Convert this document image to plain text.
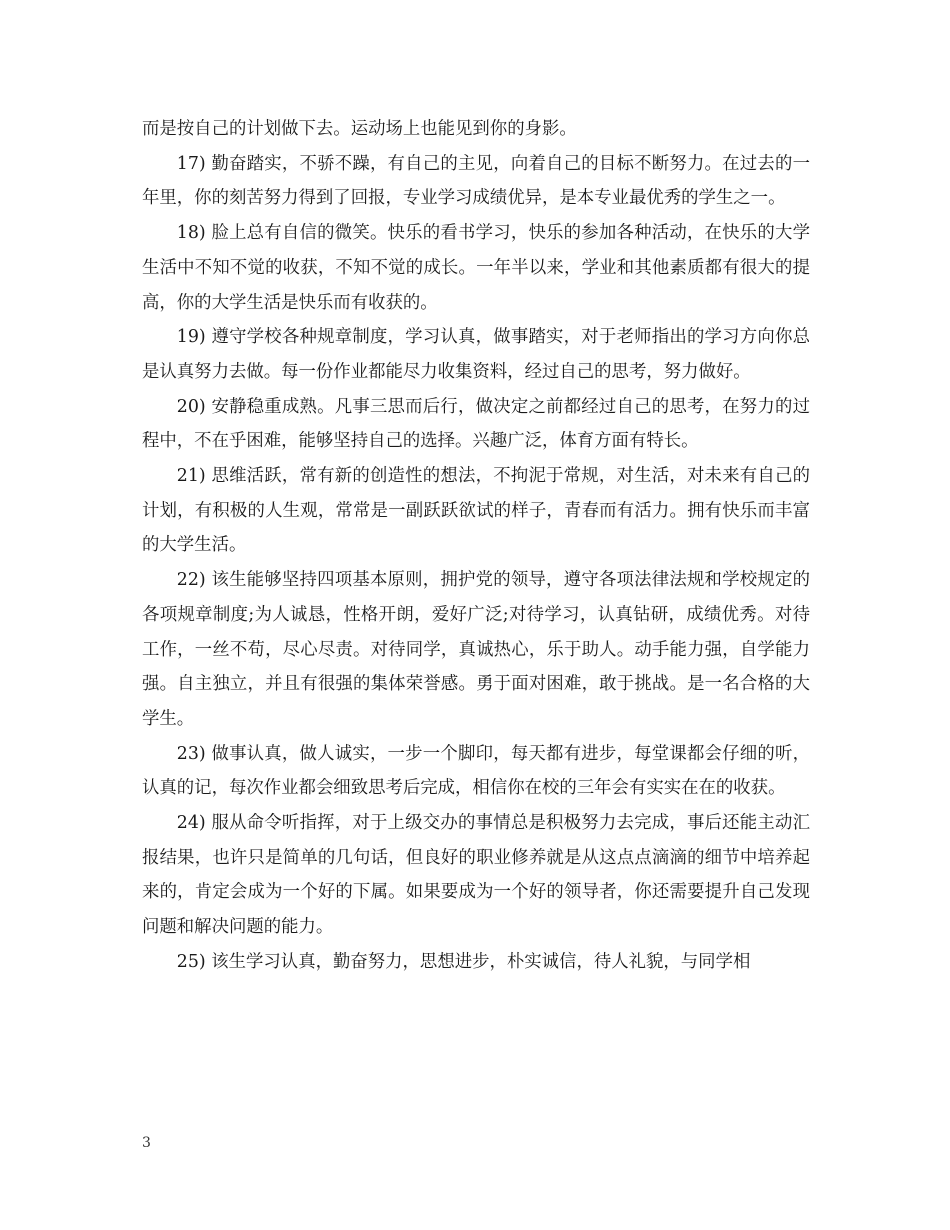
而是按自己的计划做下去。运动场上也能见到你的身影。

17) 勤奋踏实，不骄不躁，有自己的主见，向着自己的目标不断努力。在过去的一年里，你的刻苦努力得到了回报，专业学习成绩优异，是本专业最优秀的学生之一。

18) 脸上总有自信的微笑。快乐的看书学习，快乐的参加各种活动，在快乐的大学生活中不知不觉的收获，不知不觉的成长。一年半以来，学业和其他素质都有很大的提高，你的大学生活是快乐而有收获的。

19) 遵守学校各种规章制度，学习认真，做事踏实，对于老师指出的学习方向你总是认真努力去做。每一份作业都能尽力收集资料，经过自己的思考，努力做好。

20) 安静稳重成熟。凡事三思而后行，做决定之前都经过自己的思考，在努力的过程中，不在乎困难，能够坚持自己的选择。兴趣广泛，体育方面有特长。

21) 思维活跃，常有新的创造性的想法，不拘泥于常规，对生活，对未来有自己的计划，有积极的人生观，常常是一副跃跃欲试的样子，青春而有活力。拥有快乐而丰富的大学生活。

22) 该生能够坚持四项基本原则，拥护党的领导，遵守各项法律法规和学校规定的各项规章制度;为人诚恳，性格开朗，爱好广泛;对待学习，认真钻研，成绩优秀。对待工作，一丝不苟，尽心尽责。对待同学，真诚热心，乐于助人。动手能力强，自学能力强。自主独立，并且有很强的集体荣誉感。勇于面对困难，敢于挑战。是一名合格的大学生。

23) 做事认真，做人诚实，一步一个脚印，每天都有进步，每堂课都会仔细的听，认真的记，每次作业都会细致思考后完成，相信你在校的三年会有实实在在的收获。

24) 服从命令听指挥，对于上级交办的事情总是积极努力去完成，事后还能主动汇报结果，也许只是简单的几句话，但良好的职业修养就是从这点点滴滴的细节中培养起来的，肯定会成为一个好的下属。如果要成为一个好的领导者，你还需要提升自己发现问题和解决问题的能力。

25) 该生学习认真，勤奋努力，思想进步，朴实诚信，待人礼貌，与同学相

3
